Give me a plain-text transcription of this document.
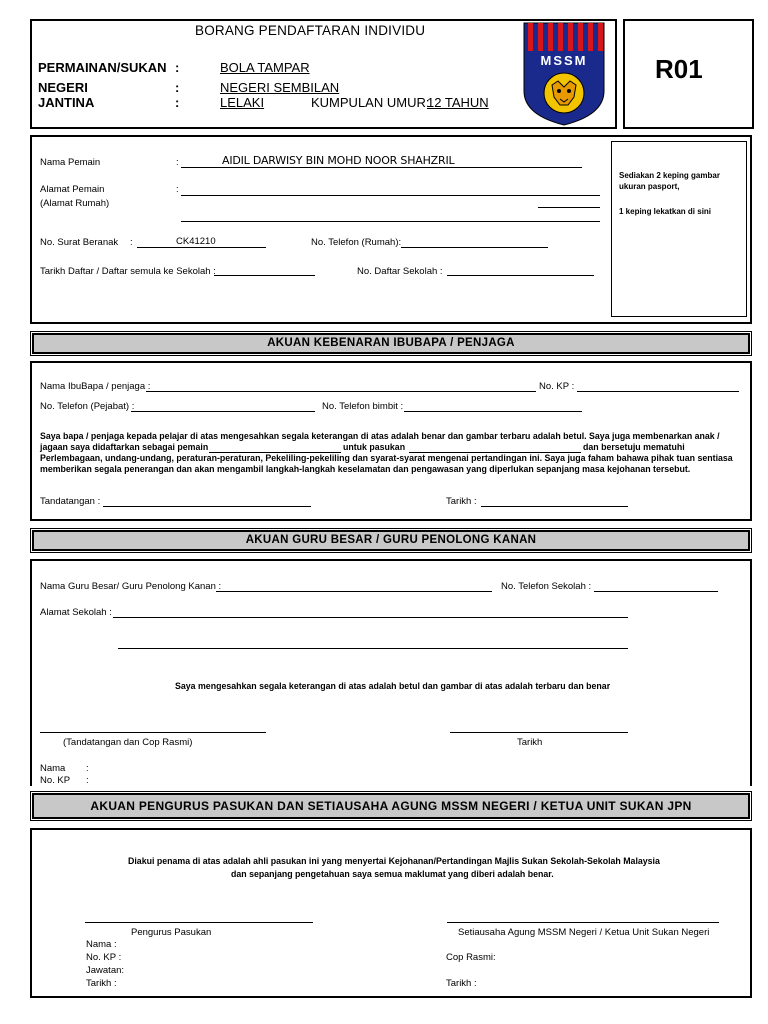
BORANG PENDAFTARAN INDIVIDU
R01
PERMAINAN/SUKAN :	BOLA TAMPAR
NEGERI	:	NEGERI SEMBILAN
JANTINA	:	LELAKI	KUMPULAN UMUR:
12 TAHUN
MSSM
Sediakan 2 keping gambar
ukuran pasport,
1 keping lekatkan di sini
Nama Pemain	:	AIDIL DARWISY BIN MOHD NOOR SHAHZRIL
Alamat Pemain
(Alamat Rumah)
:
No. Surat Beranak :	CK41210	No. Telefon (Rumah):
Tarikh Daftar / Daftar semula ke Sekolah :	No. Daftar Sekolah :
AKUAN KEBENARAN IBUBAPA / PENJAGA
Nama IbuBapa / penjaga :	No. KP :
No. Telefon (Pejabat) :	No. Telefon bimbit :
Saya bapa / penjaga kepada pelajar di atas mengesahkan segala keterangan di atas adalah benar dan gambar terbaru adalah betul. Saya juga membenarkan anak /
jagaan saya didaftarkan sebagai pemain	untuk pasukan	dan bersetuju mematuhi
Perlembagaan, undang-undang, peraturan-peraturan, Pekeliling-pekeliling dan syarat-syarat mengenai pertandingan ini. Saya juga faham bahawa pihak tuan sentiasa
memberikan segala penerangan dan akan mengambil langkah-langkah keselamatan dan pengawasan yang diperlukan sepanjang masa kejohanan tersebut.
Tandatangan :	Tarikh :
AKUAN GURU BESAR / GURU PENOLONG KANAN
Nama Guru Besar/ Guru Penolong Kanan :	No. Telefon Sekolah :
Alamat Sekolah :
Saya mengesahkan segala keterangan di atas adalah betul dan gambar di atas adalah terbaru dan benar
(Tandatangan dan Cop Rasmi)	Tarikh
Nama :
No. KP :
AKUAN PENGURUS PASUKAN DAN SETIAUSAHA AGUNG MSSM NEGERI / KETUA UNIT SUKAN JPN
Diakui penama di atas adalah ahli pasukan ini yang menyertai Kejohanan/Pertandingan Majlis Sukan Sekolah-Sekolah Malaysia
dan sepanjang pengetahuan saya semua maklumat yang diberi adalah benar.
Pengurus Pasukan	Setiausaha Agung MSSM Negeri / Ketua Unit Sukan Negeri
Nama :
No. KP :
Jawatan:
Tarikh :
Cop Rasmi:
Tarikh :
